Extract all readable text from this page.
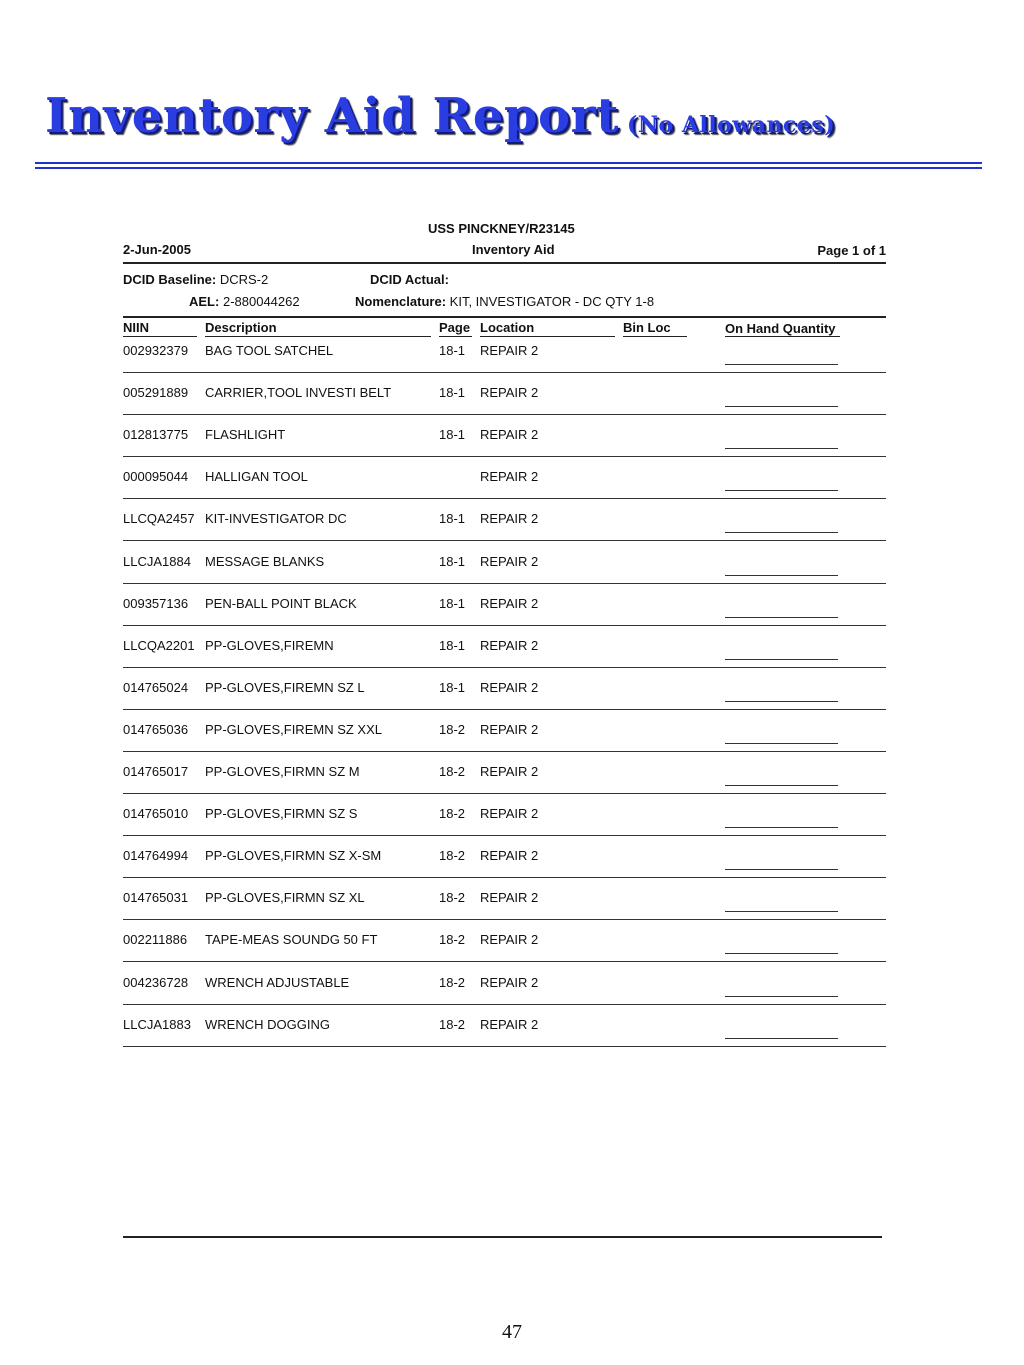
Inventory Aid Report (No Allowances)
USS PINCKNEY/R23145
2-Jun-2005	Inventory Aid	Page 1 of 1
DCID Baseline: DCRS-2	DCID Actual:
AEL: 2-880044262	Nomenclature: KIT, INVESTIGATOR - DC QTY 1-8
NIIN	Description	Page Location	Bin Loc	On Hand Quantity
002932379 BAG TOOL SATCHEL	18-1 REPAIR 2
005291889 CARRIER,TOOL INVESTI BELT	18-1 REPAIR 2
012813775 FLASHLIGHT	18-1 REPAIR 2
000095044 HALLIGAN TOOL	REPAIR 2
LLCQA2457 KIT-INVESTIGATOR DC	18-1 REPAIR 2
LLCJA1884 MESSAGE BLANKS	18-1 REPAIR 2
009357136 PEN-BALL POINT BLACK	18-1 REPAIR 2
LLCQA2201 PP-GLOVES,FIREMN	18-1 REPAIR 2
014765024 PP-GLOVES,FIREMN SZ L	18-1 REPAIR 2
014765036 PP-GLOVES,FIREMN SZ XXL	18-2 REPAIR 2
014765017 PP-GLOVES,FIRMN SZ M	18-2 REPAIR 2
014765010 PP-GLOVES,FIRMN SZ S	18-2 REPAIR 2
014764994 PP-GLOVES,FIRMN SZ X-SM	18-2 REPAIR 2
014765031 PP-GLOVES,FIRMN SZ XL	18-2 REPAIR 2
002211886 TAPE-MEAS SOUNDG 50 FT	18-2 REPAIR 2
004236728 WRENCH ADJUSTABLE	18-2 REPAIR 2
LLCJA1883 WRENCH DOGGING	18-2 REPAIR 2
47
